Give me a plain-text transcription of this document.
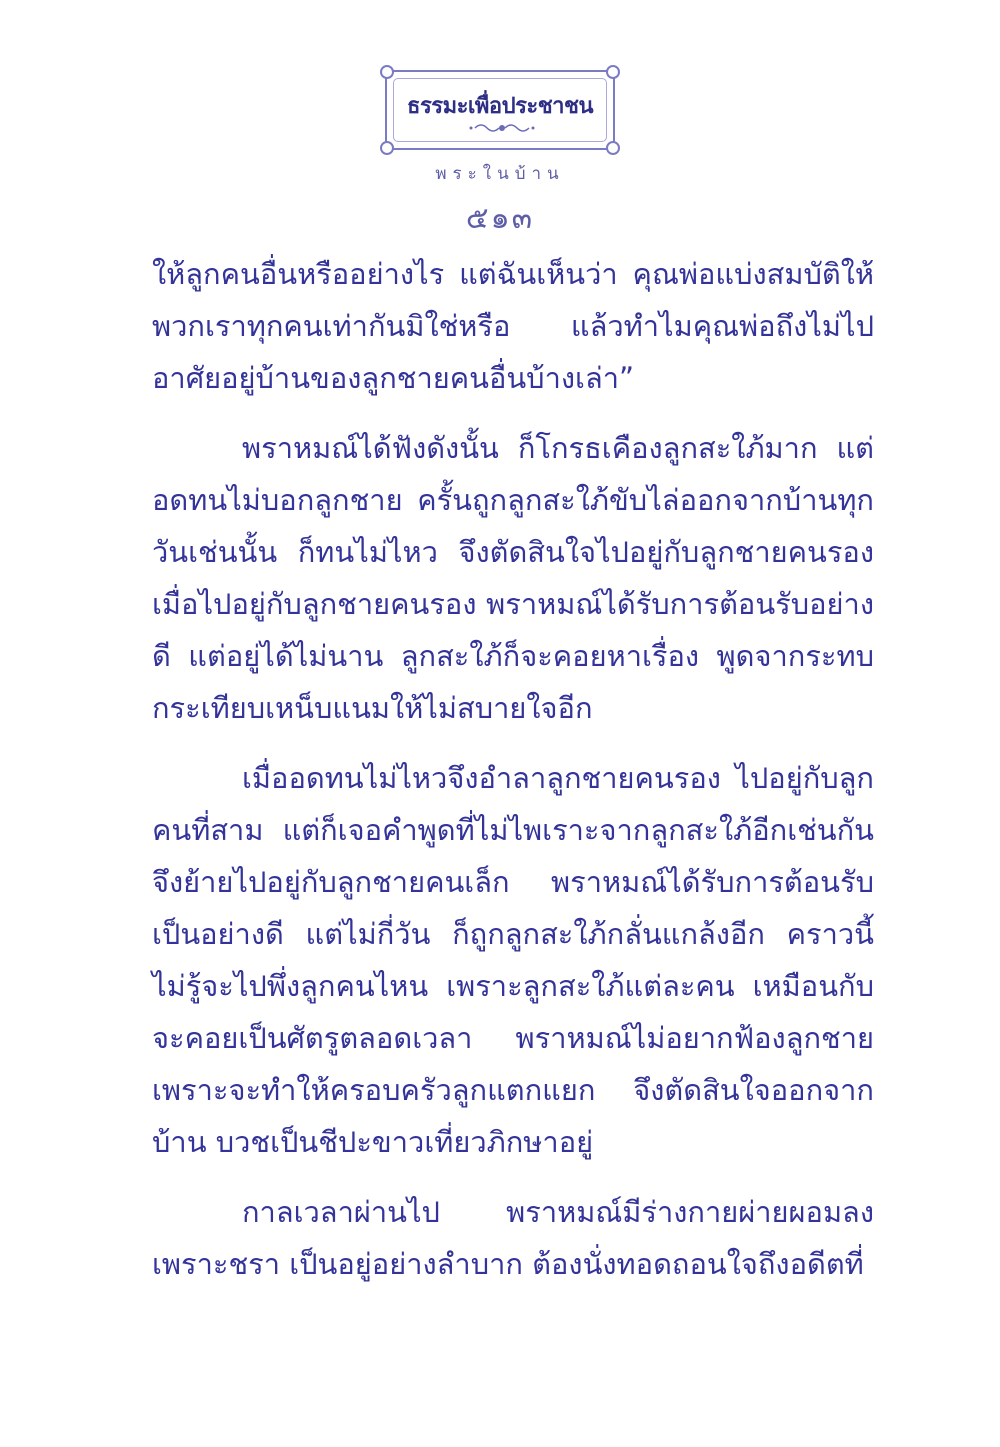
ธรรมะเพื่อประชาชน
พระในบ้าน
๕๑๓

ให้ลูกคนอื่นหรืออย่างไร แต่ฉันเห็นว่า คุณพ่อแบ่งสมบัติให้พวกเราทุกคนเท่ากันมิใช่หรือ แล้วทำไมคุณพ่อถึงไม่ไปอาศัยอยู่บ้านของลูกชายคนอื่นบ้างเล่า”

พราหมณ์ได้ฟังดังนั้น ก็โกรธเคืองลูกสะใภ้มาก แต่อดทนไม่บอกลูกชาย ครั้นถูกลูกสะใภ้ขับไล่ออกจากบ้านทุกวันเช่นนั้น ก็ทนไม่ไหว จึงตัดสินใจไปอยู่กับลูกชายคนรอง เมื่อไปอยู่กับลูกชายคนรอง พราหมณ์ได้รับการต้อนรับอย่างดี แต่อยู่ได้ไม่นาน ลูกสะใภ้ก็จะคอยหาเรื่อง พูดจากระทบกระเทียบเหน็บแนมให้ไม่สบายใจอีก

เมื่ออดทนไม่ไหวจึงอำลาลูกชายคนรอง ไปอยู่กับลูกคนที่สาม แต่ก็เจอคำพูดที่ไม่ไพเราะจากลูกสะใภ้อีกเช่นกัน จึงย้ายไปอยู่กับลูกชายคนเล็ก พราหมณ์ได้รับการต้อนรับเป็นอย่างดี แต่ไม่กี่วัน ก็ถูกลูกสะใภ้กลั่นแกล้งอีก คราวนี้ไม่รู้จะไปพึ่งลูกคนไหน เพราะลูกสะใภ้แต่ละคน เหมือนกับจะคอยเป็นศัตรูตลอดเวลา พราหมณ์ไม่อยากฟ้องลูกชาย เพราะจะทำให้ครอบครัวลูกแตกแยก จึงตัดสินใจออกจากบ้าน บวชเป็นชีปะขาวเที่ยวภิกษาอยู่

กาลเวลาผ่านไป พราหมณ์มีร่างกายผ่ายผอมลงเพราะชรา เป็นอยู่อย่างลำบาก ต้องนั่งทอดถอนใจถึงอดีตที่
